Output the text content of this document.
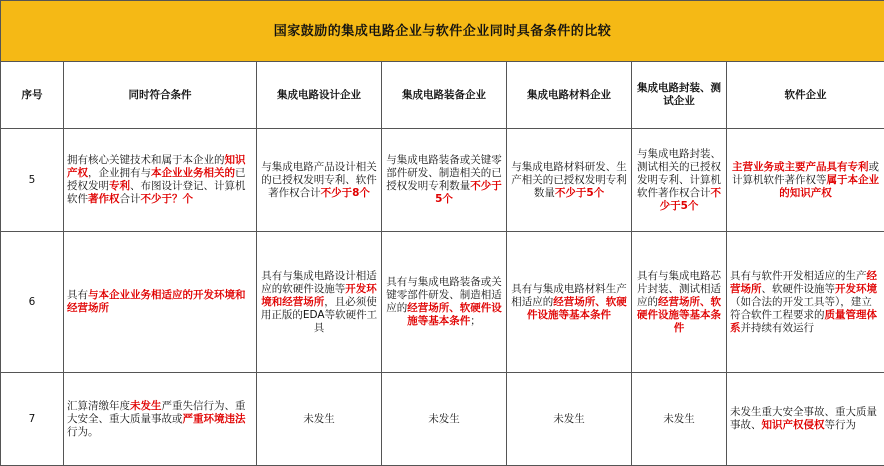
国家鼓励的集成电路企业与软件企业同时具备条件的比较						
序号	同时符合条件	集成电路设计企业	集成电路装备企业	集成电路材料企业	集成电路封装、测试企业	软件企业
5	拥有核心关键技术和属于本企业的知识产权，企业拥有与本企业业务相关的已授权发明专利、布图设计登记、计算机软件著作权合计不少于？个	与集成电路产品设计相关的已授权发明专利、软件著作权合计不少于8个	与集成电路装备或关键零部件研发、制造相关的已授权发明专利数量不少于5个	与集成电路材料研发、生产相关的已授权发明专利数量不少于5个	与集成电路封装、测试相关的已授权发明专利、计算机软件著作权合计不少于5个	主营业务或主要产品具有专利或计算机软件著作权等属于本企业的知识产权
6	具有与本企业业务相适应的开发环境和经营场所	具有与集成电路设计相适应的软硬件设施等开发环境和经营场所，且必须使用正版的EDA等软硬件工具	具有与集成电路装备或关键零部件研发、制造相适应的经营场所、软硬件设施等基本条件；	具有与集成电路材料生产相适应的经营场所、软硬件设施等基本条件	具有与集成电路芯片封装、测试相适应的经营场所、软硬件设施等基本条件	具有与软件开发相适应的生产经营场所、软硬件设施等开发环境（如合法的开发工具等），建立符合软件工程要求的质量管理体系并持续有效运行
7	汇算清缴年度未发生严重失信行为、重大安全、重大质量事故或严重环境违法行为。	未发生	未发生	未发生	未发生	未发生重大安全事故、重大质量事故、知识产权侵权等行为
